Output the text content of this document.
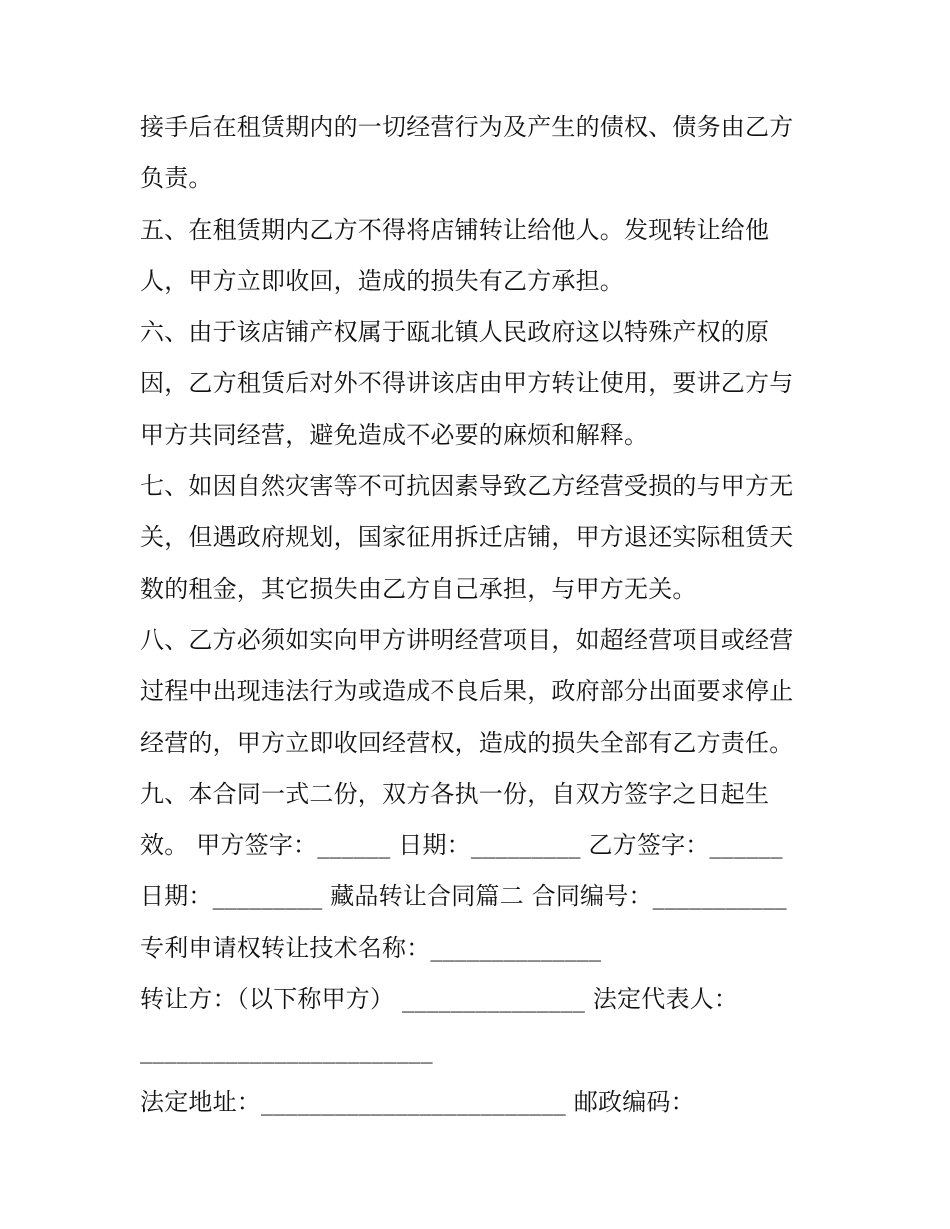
接手后在租赁期内的一切经营行为及产生的债权、债务由乙方
负责。
五、在租赁期内乙方不得将店铺转让给他人。发现转让给他
人，甲方立即收回，造成的损失有乙方承担。
六、由于该店铺产权属于瓯北镇人民政府这以特殊产权的原
因，乙方租赁后对外不得讲该店由甲方转让使用，要讲乙方与
甲方共同经营，避免造成不必要的麻烦和解释。
七、如因自然灾害等不可抗因素导致乙方经营受损的与甲方无
关，但遇政府规划，国家征用拆迁店铺，甲方退还实际租赁天
数的租金，其它损失由乙方自己承担，与甲方无关。
八、乙方必须如实向甲方讲明经营项目，如超经营项目或经营
过程中出现违法行为或造成不良后果，政府部分出面要求停止
经营的，甲方立即收回经营权，造成的损失全部有乙方责任。
九、本合同一式二份，双方各执一份，自双方签字之日起生
效。 甲方签字：______ 日期：_________ 乙方签字：______
日期：_________ 藏品转让合同篇二 合同编号：___________
专利申请权转让技术名称：______________
转让方：（以下称甲方） _______________ 法定代表人：
________________________
法定地址：_________________________ 邮政编码：
